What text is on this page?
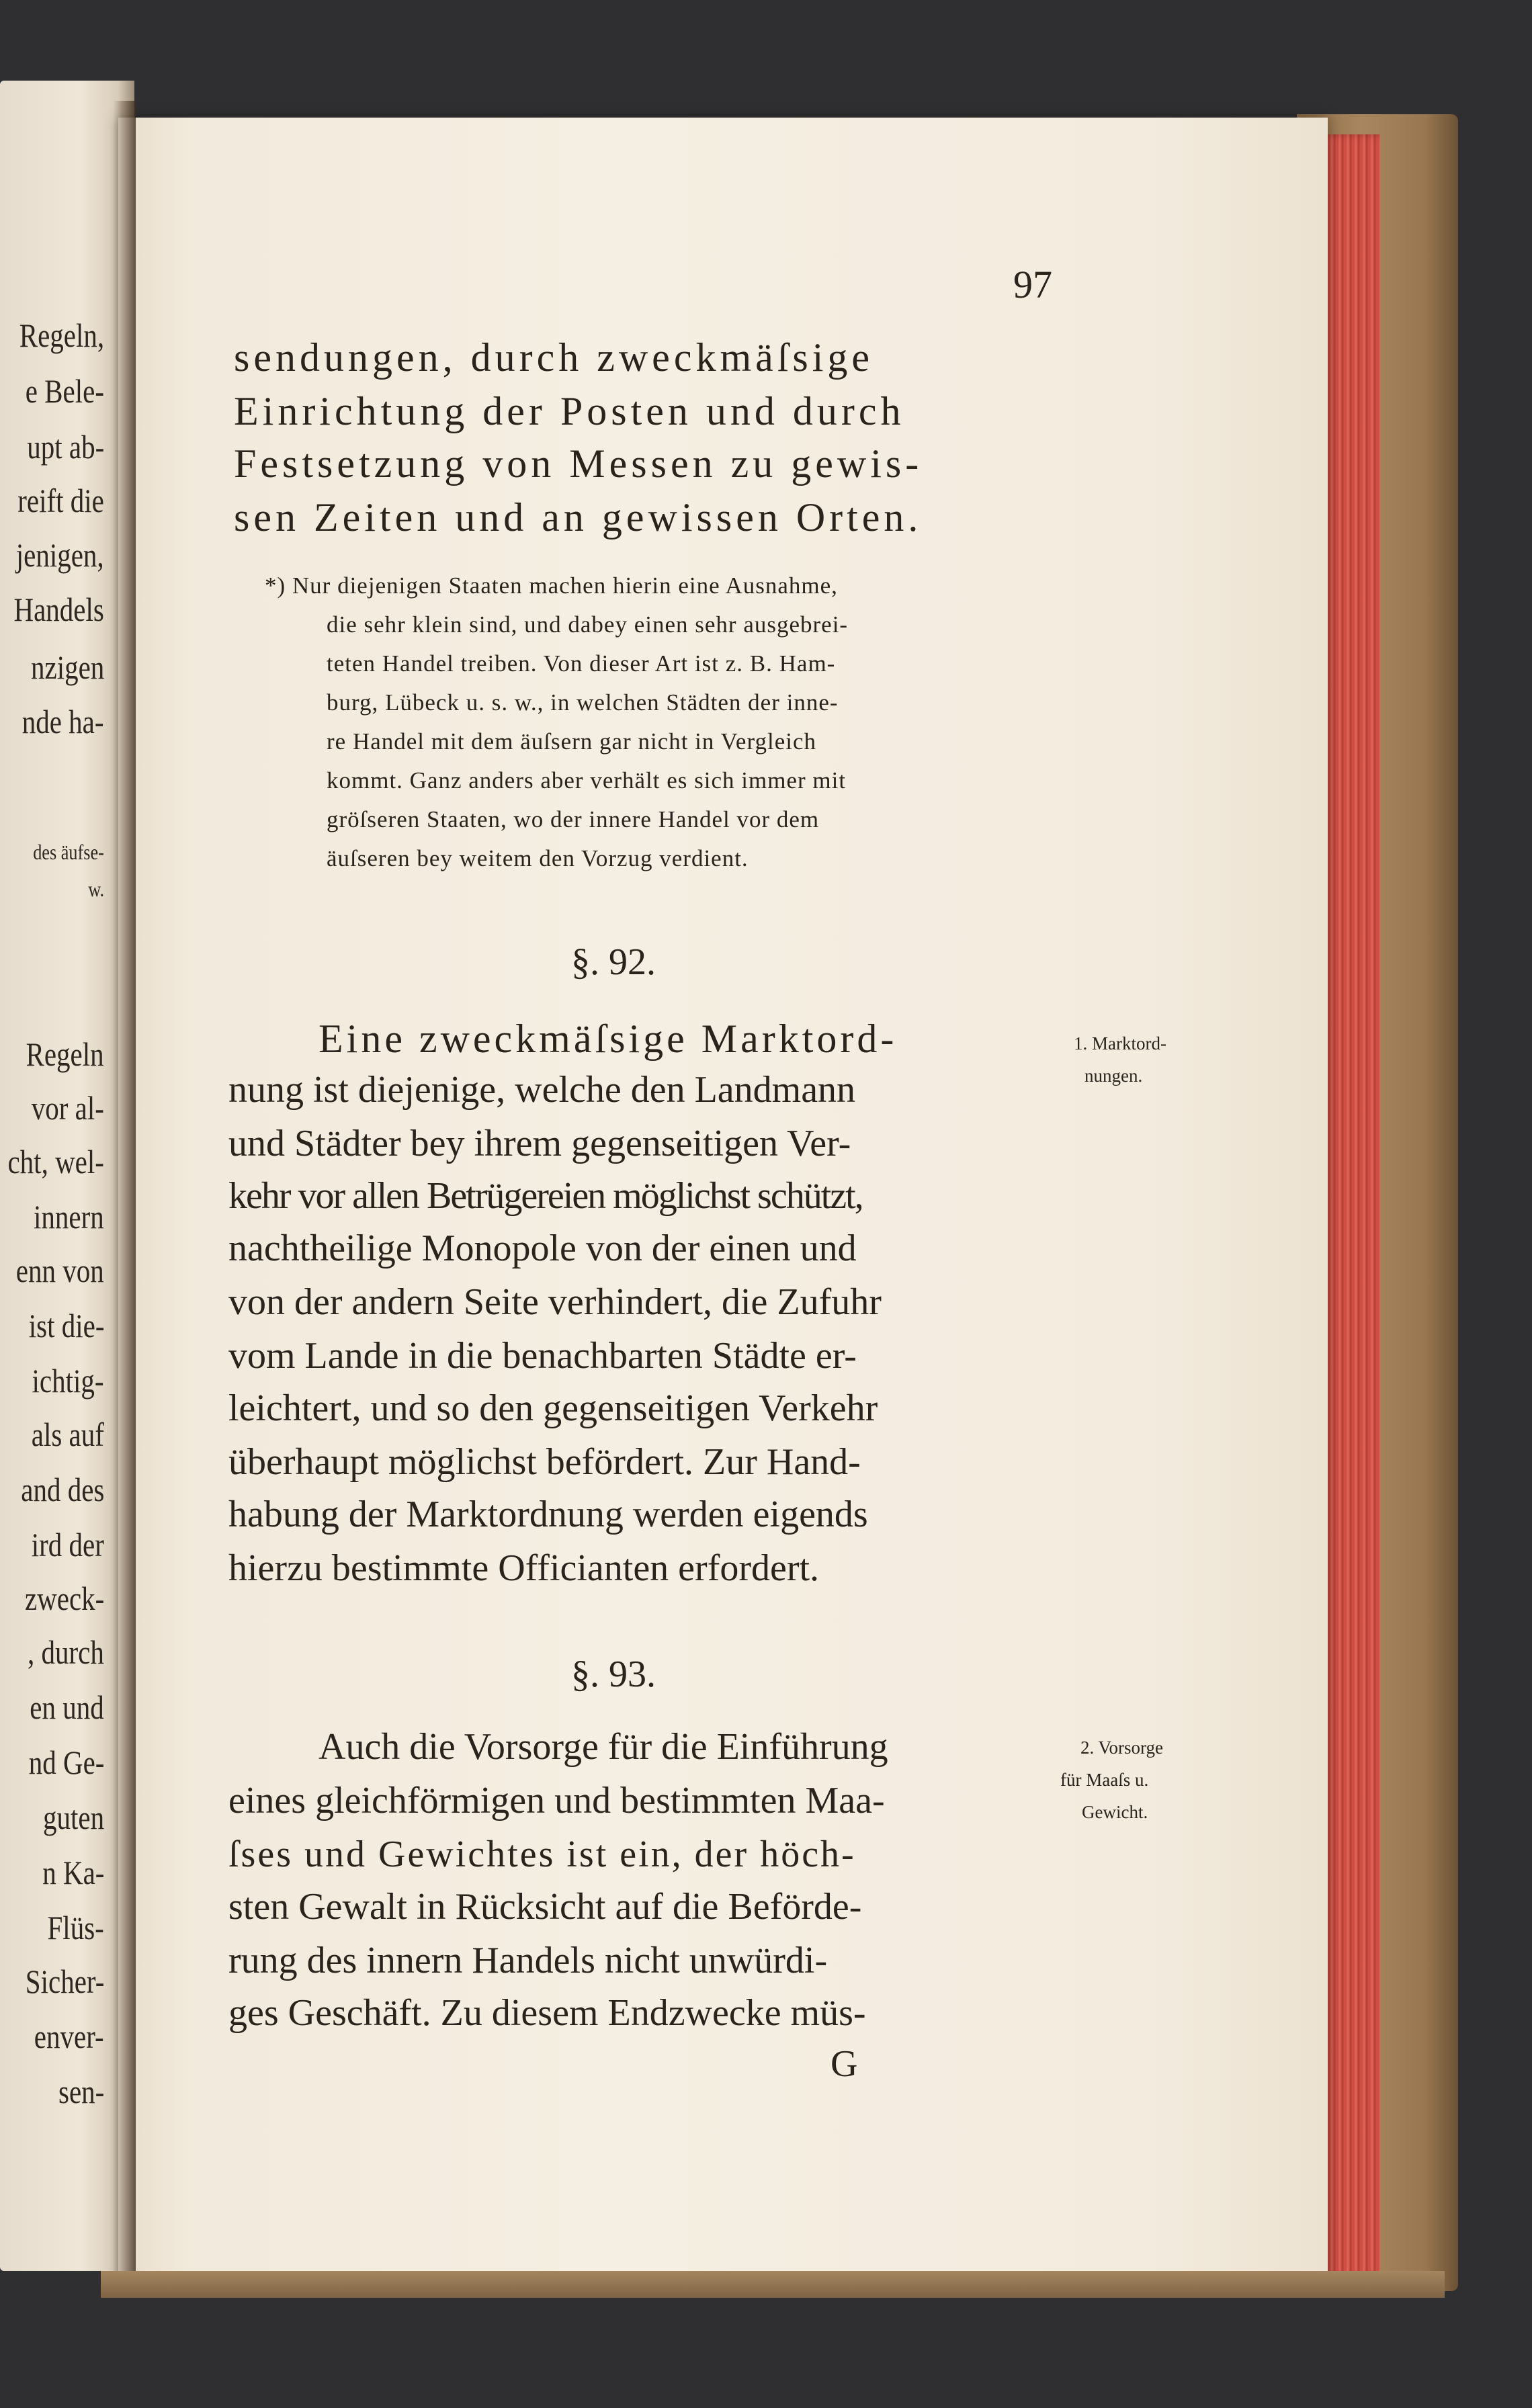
Regeln,
e Bele-
upt ab-
reift die
jenigen,
Handels
nzigen
nde ha-
des äufse-
w.
Regeln
vor al-
cht, wel-
innern
enn von
ist die-
ichtig-
als auf
and des
ird der
zweck-
, durch
en und
nd Ge-
guten
n Ka-
Flüs-
Sicher-
enver-
sen-
97
sendungen, durch zweckmäſsige
Einrichtung der Posten und durch
Festsetzung von Messen zu gewis-
sen Zeiten und an gewissen Orten.
*) Nur diejenigen Staaten machen hierin eine Ausnahme,
die sehr klein sind, und dabey einen sehr ausgebrei-
teten Handel treiben. Von dieser Art ist z. B. Ham-
burg, Lübeck u. s. w., in welchen Städten der inne-
re Handel mit dem äuſsern gar nicht in Vergleich
kommt. Ganz anders aber verhält es sich immer mit
gröſseren Staaten, wo der innere Handel vor dem
äuſseren bey weitem den Vorzug verdient.
§. 92.
Eine zweckmäſsige Marktord-
nung ist diejenige, welche den Landmann
und Städter bey ihrem gegenseitigen Ver-
kehr vor allen Betrügereien möglichst schützt,
nachtheilige Monopole von der einen und
von der andern Seite verhindert, die Zufuhr
vom Lande in die benachbarten Städte er-
leichtert, und so den gegenseitigen Verkehr
überhaupt möglichst befördert. Zur Hand-
habung der Marktordnung werden eigends
hierzu bestimmte Officianten erfordert.
1. Marktord-
nungen.
§. 93.
Auch die Vorsorge für die Einführung
eines gleichförmigen und bestimmten Maa-
ſses und Gewichtes ist ein, der höch-
sten Gewalt in Rücksicht auf die Beförde-
rung des innern Handels nicht unwürdi-
ges Geschäft. Zu diesem Endzwecke müs-
2. Vorsorge
für Maaſs u.
Gewicht.
G
